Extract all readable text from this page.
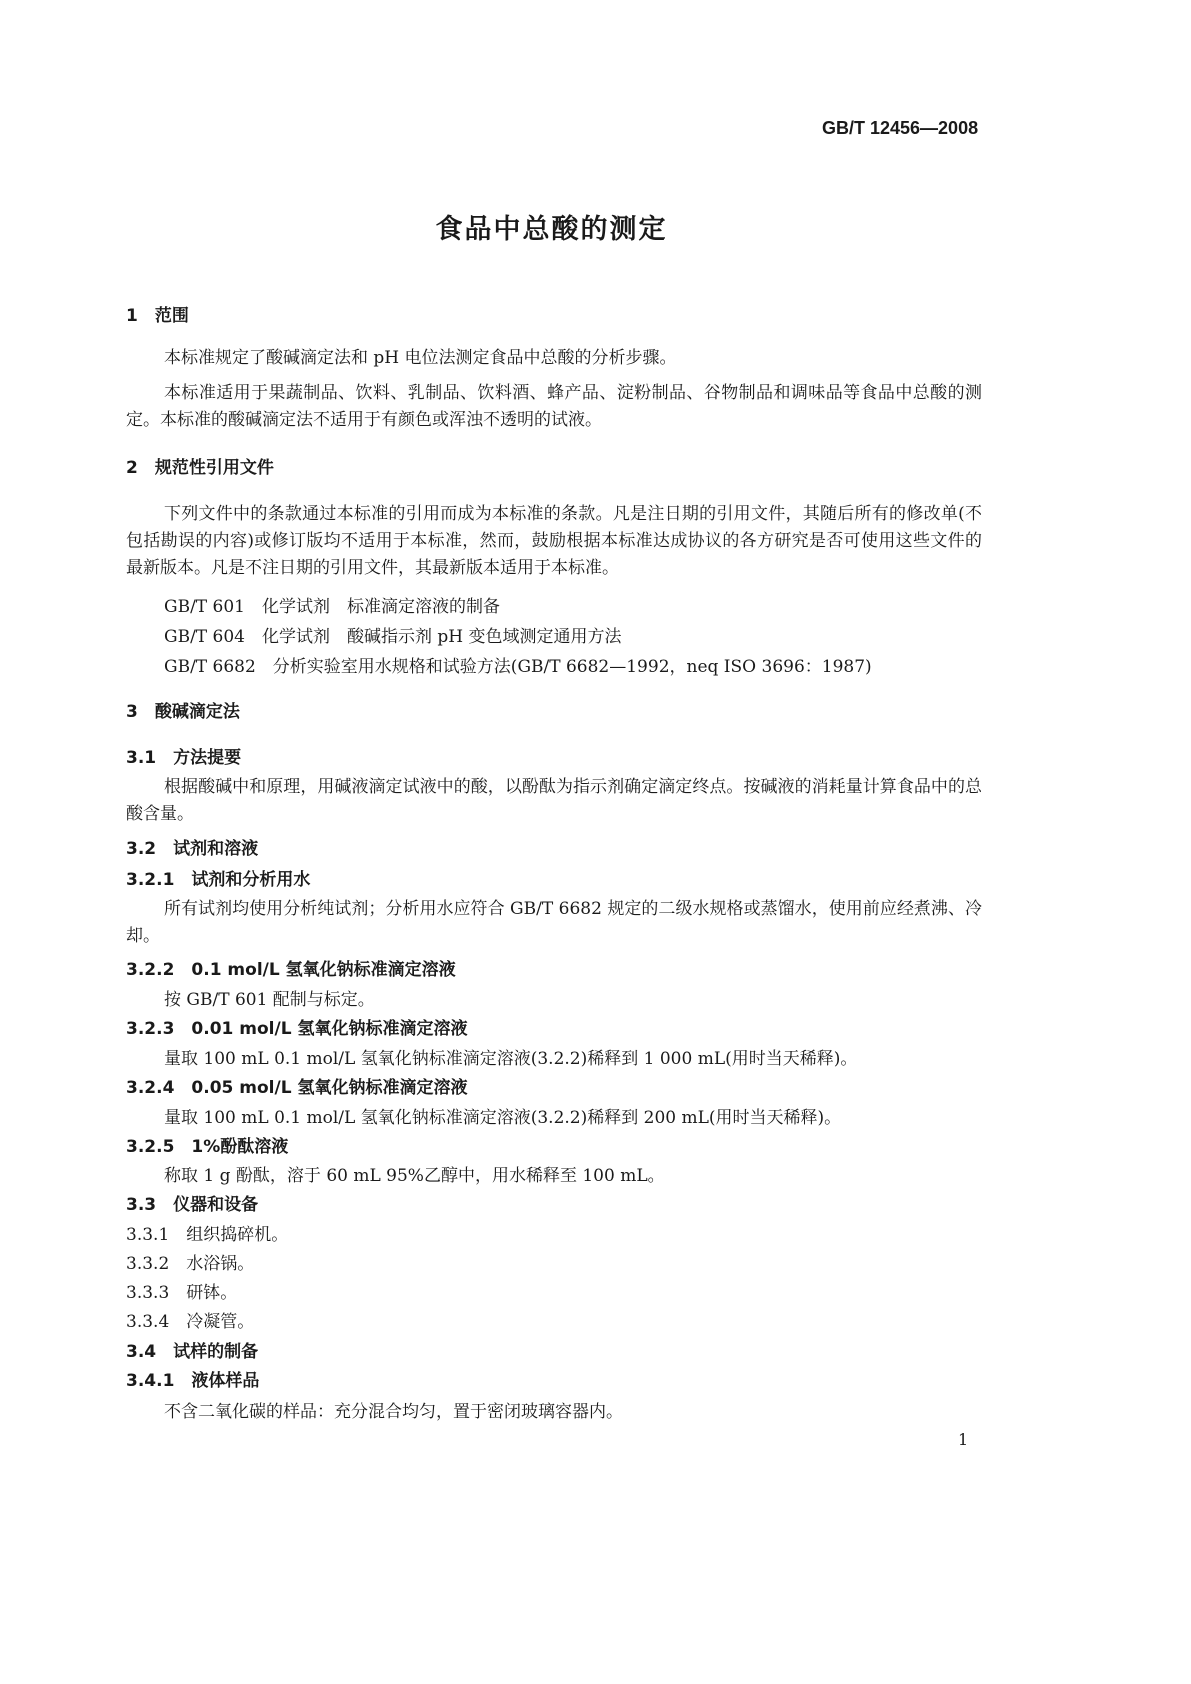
GB/T 12456—2008
食品中总酸的测定
1　范围
本标准规定了酸碱滴定法和 pH 电位法测定食品中总酸的分析步骤。
本标准适用于果蔬制品、饮料、乳制品、饮料酒、蜂产品、淀粉制品、谷物制品和调味品等食品中总酸的测定。本标准的酸碱滴定法不适用于有颜色或浑浊不透明的试液。
2　规范性引用文件
下列文件中的条款通过本标准的引用而成为本标准的条款。凡是注日期的引用文件，其随后所有的修改单(不包括勘误的内容)或修订版均不适用于本标准，然而，鼓励根据本标准达成协议的各方研究是否可使用这些文件的最新版本。凡是不注日期的引用文件，其最新版本适用于本标准。
GB/T 601　化学试剂　标准滴定溶液的制备
GB/T 604　化学试剂　酸碱指示剂 pH 变色域测定通用方法
GB/T 6682　分析实验室用水规格和试验方法(GB/T 6682—1992，neq ISO 3696：1987)
3　酸碱滴定法
3.1　方法提要
根据酸碱中和原理，用碱液滴定试液中的酸，以酚酞为指示剂确定滴定终点。按碱液的消耗量计算食品中的总酸含量。
3.2　试剂和溶液
3.2.1　试剂和分析用水
所有试剂均使用分析纯试剂；分析用水应符合 GB/T 6682 规定的二级水规格或蒸馏水，使用前应经煮沸、冷却。
3.2.2　0.1 mol/L 氢氧化钠标准滴定溶液
按 GB/T 601 配制与标定。
3.2.3　0.01 mol/L 氢氧化钠标准滴定溶液
量取 100 mL 0.1 mol/L 氢氧化钠标准滴定溶液(3.2.2)稀释到 1 000 mL(用时当天稀释)。
3.2.4　0.05 mol/L 氢氧化钠标准滴定溶液
量取 100 mL 0.1 mol/L 氢氧化钠标准滴定溶液(3.2.2)稀释到 200 mL(用时当天稀释)。
3.2.5　1%酚酞溶液
称取 1 g 酚酞，溶于 60 mL 95%乙醇中，用水稀释至 100 mL。
3.3　仪器和设备
3.3.1　组织捣碎机。
3.3.2　水浴锅。
3.3.3　研钵。
3.3.4　冷凝管。
3.4　试样的制备
3.4.1　液体样品
不含二氧化碳的样品：充分混合均匀，置于密闭玻璃容器内。
1
